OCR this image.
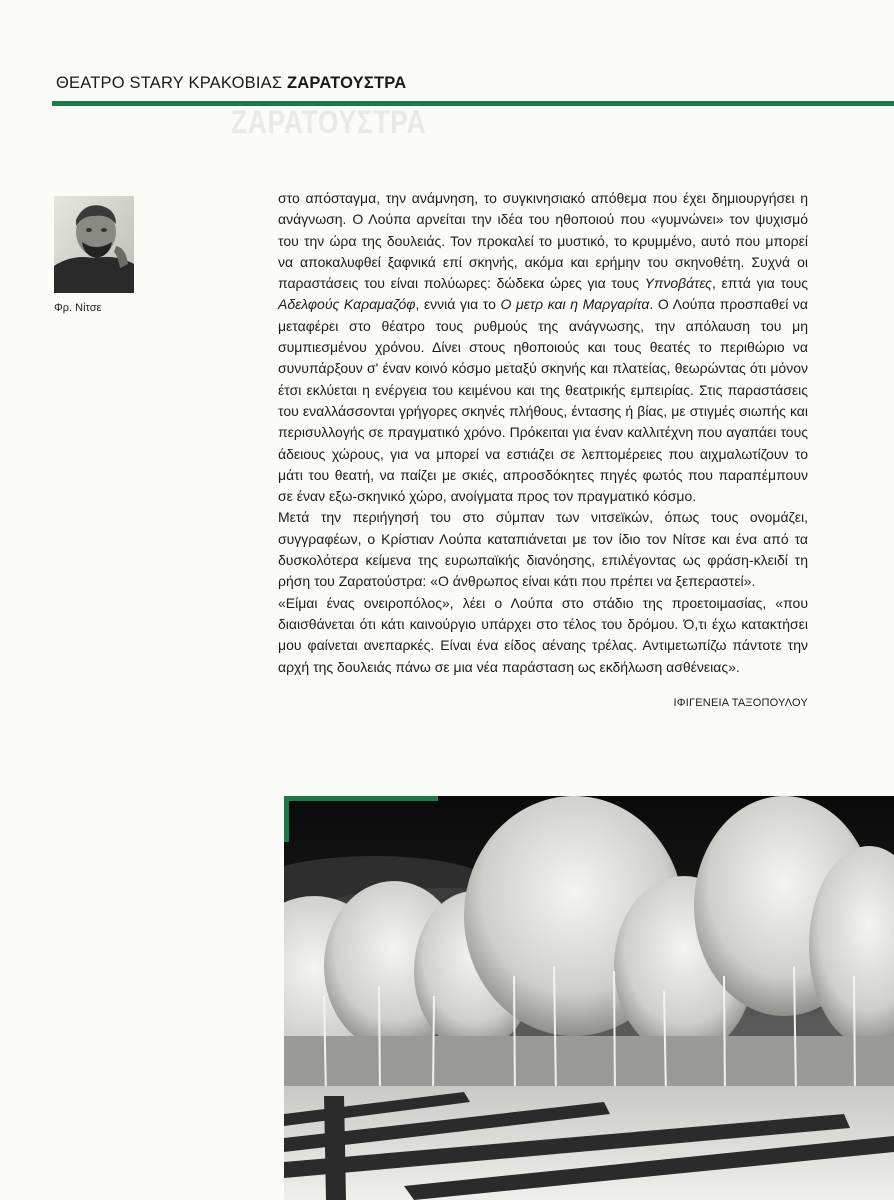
ΘΕΑΤΡΟ STARY ΚΡΑΚΟΒΙΑΣ ΖΑΡΑΤΟΥΣΤΡΑ
ΖΑΡΑΤΟΥΣΤΡΑ
Φρ. Νίτσε

στο απόσταγμα, την ανάμνηση, το συγκινησιακό απόθεμα που έχει δημιουργήσει η ανάγνωση. Ο Λούπα αρνείται την ιδέα του ηθοποιού που «γυμνώνει» τον ψυχισμό του την ώρα της δουλειάς. Τον προκαλεί το μυστικό, το κρυμμένο, αυτό που μπορεί να αποκαλυφθεί ξαφνικά επί σκηνής, ακόμα και ερήμην του σκηνοθέτη. Συχνά οι παραστάσεις του είναι πολύωρες: δώδεκα ώρες για τους Υπνοβάτες, επτά για τους Αδελφούς Καραμαζόφ, εννιά για το Ο μετρ και η Μαργαρίτα. Ο Λούπα προσπαθεί να μεταφέρει στο θέατρο τους ρυθμούς της ανάγνωσης, την απόλαυση του μη συμπιεσμένου χρόνου. Δίνει στους ηθοποιούς και τους θεατές το περιθώριο να συνυπάρξουν σ' έναν κοινό κόσμο μεταξύ σκηνής και πλατείας, θεωρώντας ότι μόνον έτσι εκλύεται η ενέργεια του κειμένου και της θεατρικής εμπειρίας. Στις παραστάσεις του εναλλάσσονται γρήγορες σκηνές πλήθους, έντασης ή βίας, με στιγμές σιωπής και περισυλλογής σε πραγματικό χρόνο. Πρόκειται για έναν καλλιτέχνη που αγαπάει τους άδειους χώρους, για να μπορεί να εστιάζει σε λεπτομέρειες που αιχμαλωτίζουν το μάτι του θεατή, να παίζει με σκιές, απροσδόκητες πηγές φωτός που παραπέμπουν σε έναν εξω-σκηνικό χώρο, ανοίγματα προς τον πραγματικό κόσμο.

Μετά την περιήγησή του στο σύμπαν των νιτσεϊκών, όπως τους ονομάζει, συγγραφέων, ο Κρίστιαν Λούπα καταπιάνεται με τον ίδιο τον Νίτσε και ένα από τα δυσκολότερα κείμενα της ευρωπαϊκής διανόησης, επιλέγοντας ως φράση-κλειδί τη ρήση του Ζαρατούστρα: «Ο άνθρωπος είναι κάτι που πρέπει να ξεπεραστεί».

«Είμαι ένας ονειροπόλος», λέει ο Λούπα στο στάδιο της προετοιμασίας, «που διαισθάνεται ότι κάτι καινούργιο υπάρχει στο τέλος του δρόμου. Ό,τι έχω κατακτήσει μου φαίνεται ανεπαρκές. Είναι ένα είδος αέναης τρέλας. Αντιμετωπίζω πάντοτε την αρχή της δουλειάς πάνω σε μια νέα παράσταση ως εκδήλωση ασθένειας».

ΙΦΙΓΕΝΕΙΑ ΤΑΞΟΠΟΥΛΟΥ
